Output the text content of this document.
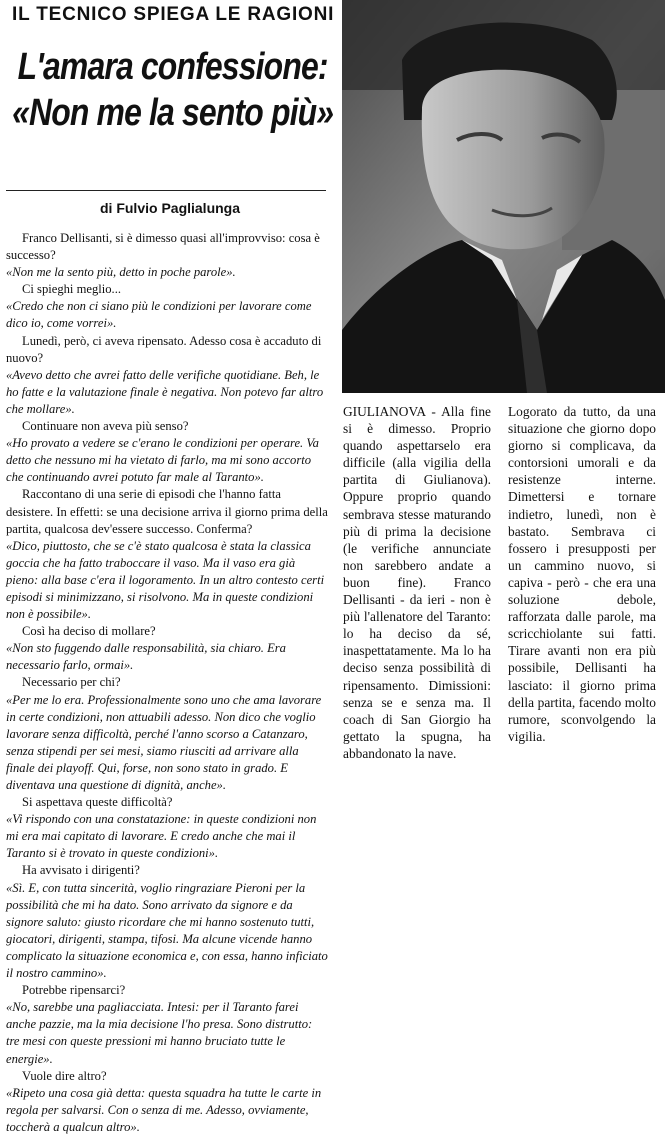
IL TECNICO SPIEGA LE RAGIONI
L'amara confessione:
«Non me la sento più»
di Fulvio Paglialunga

Franco Dellisanti, si è dimesso quasi all'improvviso: cosa è successo?

«Non me la sento più, detto in poche parole».

Ci spieghi meglio...

«Credo che non ci siano più le condizioni per lavorare come dico io, come vorrei».

Lunedì, però, ci aveva ripensato. Adesso cosa è accaduto di nuovo?

«Avevo detto che avrei fatto delle verifiche quotidiane. Beh, le ho fatte e la valutazione finale è negativa. Non potevo far altro che mollare».

Continuare non aveva più senso?

«Ho provato a vedere se c'erano le condizioni per operare. Va detto che nessuno mi ha vietato di farlo, ma mi sono accorto che continuando avrei potuto far male al Taranto».

Raccontano di una serie di episodi che l'hanno fatta desistere. In effetti: se una decisione arriva il giorno prima della partita, qualcosa dev'essere successo. Conferma?

«Dico, piuttosto, che se c'è stato qualcosa è stata la classica goccia che ha fatto traboccare il vaso. Ma il vaso era già pieno: alla base c'era il logoramento. In un altro contesto certi episodi si minimizzano, si risolvono. Ma in queste condizioni non è possibile».

Così ha deciso di mollare?

«Non sto fuggendo dalle responsabilità, sia chiaro. Era necessario farlo, ormai».

Necessario per chi?

«Per me lo era. Professionalmente sono uno che ama lavorare in certe condizioni, non attuabili adesso. Non dico che voglio lavorare senza difficoltà, perché l'anno scorso a Catanzaro, senza stipendi per sei mesi, siamo riusciti ad arrivare alla finale dei playoff. Qui, forse, non sono stato in grado. E diventava una questione di dignità, anche».

Si aspettava queste difficoltà?

«Vi rispondo con una constatazione: in queste condizioni non mi era mai capitato di lavorare. E credo anche che mai il Taranto si è trovato in queste condizioni».

Ha avvisato i dirigenti?

«Sì. E, con tutta sincerità, voglio ringraziare Pieroni per la possibilità che mi ha dato. Sono arrivato da signore e da signore saluto: giusto ricordare che mi hanno sostenuto tutti, giocatori, dirigenti, stampa, tifosi. Ma alcune vicende hanno complicato la situazione economica e, con essa, hanno inficiato il nostro cammino».

Potrebbe ripensarci?

«No, sarebbe una pagliacciata. Intesi: per il Taranto farei anche pazzie, ma la mia decisione l'ho presa. Sono distrutto: tre mesi con queste pressioni mi hanno bruciato tutte le energie».

Vuole dire altro?

«Ripeto una cosa già detta: questa squadra ha tutte le carte in regola per salvarsi. Con o senza di me. Adesso, ovviamente, toccherà a qualcun altro».

GIULIANOVA - Alla fine si è dimesso. Proprio quando aspettarselo era difficile (alla vigilia della partita di Giulianova). Oppure proprio quando sembrava stesse maturando più di prima la decisione (le verifiche annunciate non sarebbero andate a buon fine). Franco Dellisanti - da ieri - non è più l'allenatore del Taranto: lo ha deciso da sé, inaspettatamente. Ma lo ha deciso senza possibilità di ripensamento. Dimissioni: senza se e senza ma. Il coach di San Giorgio ha gettato la spugna, ha abbandonato la nave.

Logorato da tutto, da una situazione che giorno dopo giorno si complicava, da contorsioni umorali e da resistenze interne. Dimettersi e tornare indietro, lunedì, non è bastato. Sembrava ci fossero i presupposti per un cammino nuovo, si capiva - però - che era una soluzione debole, rafforzata dalle parole, ma scricchiolante sui fatti. Tirare avanti non era più possibile, Dellisanti ha lasciato: il giorno prima della partita, facendo molto rumore, sconvolgendo la vigilia.
